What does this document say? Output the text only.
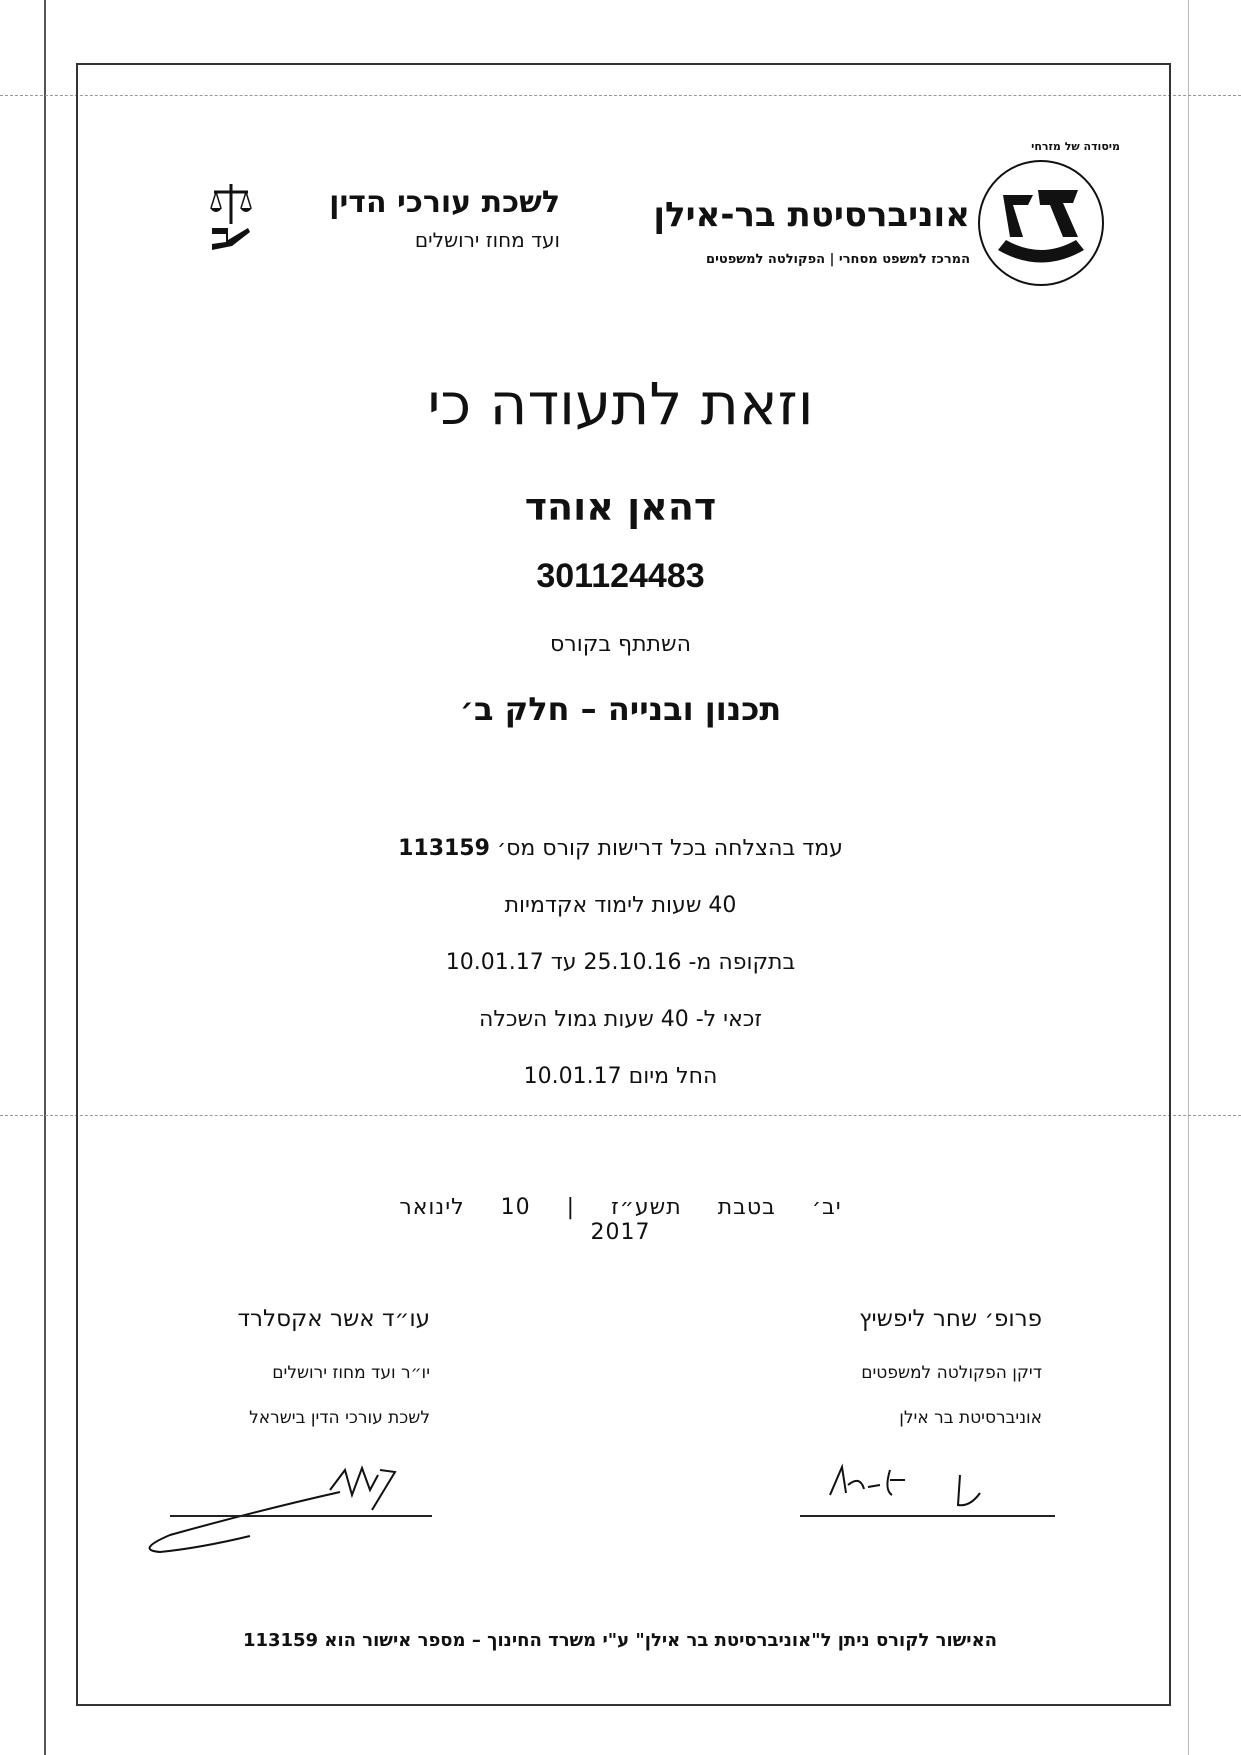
לשכת עורכי הדין
ועד מחוז ירושלים
מיסודה של מזרחי
אוניברסיטת בר-אילן
המרכז למשפט מסחרי | הפקולטה למשפטים
וזאת לתעודה כי
דהאן אוהד
301124483
השתתף בקורס
תכנון ובנייה – חלק ב׳
עמד בהצלחה בכל דרישות קורס מס׳ 113159
40 שעות לימוד אקדמיות
בתקופה מ- 25.10.16 עד 10.01.17
זכאי ל- 40 שעות גמול השכלה
החל מיום 10.01.17
יב׳ בטבת תשע״ז | 10 לינואר 2017
פרופ׳ שחר ליפשיץ
דיקן הפקולטה למשפטים
אוניברסיטת בר אילן
עו״ד אשר אקסלרד
יו״ר ועד מחוז ירושלים
לשכת עורכי הדין בישראל
האישור לקורס ניתן ל"אוניברסיטת בר אילן" ע"י משרד החינוך – מספר אישור הוא 113159
